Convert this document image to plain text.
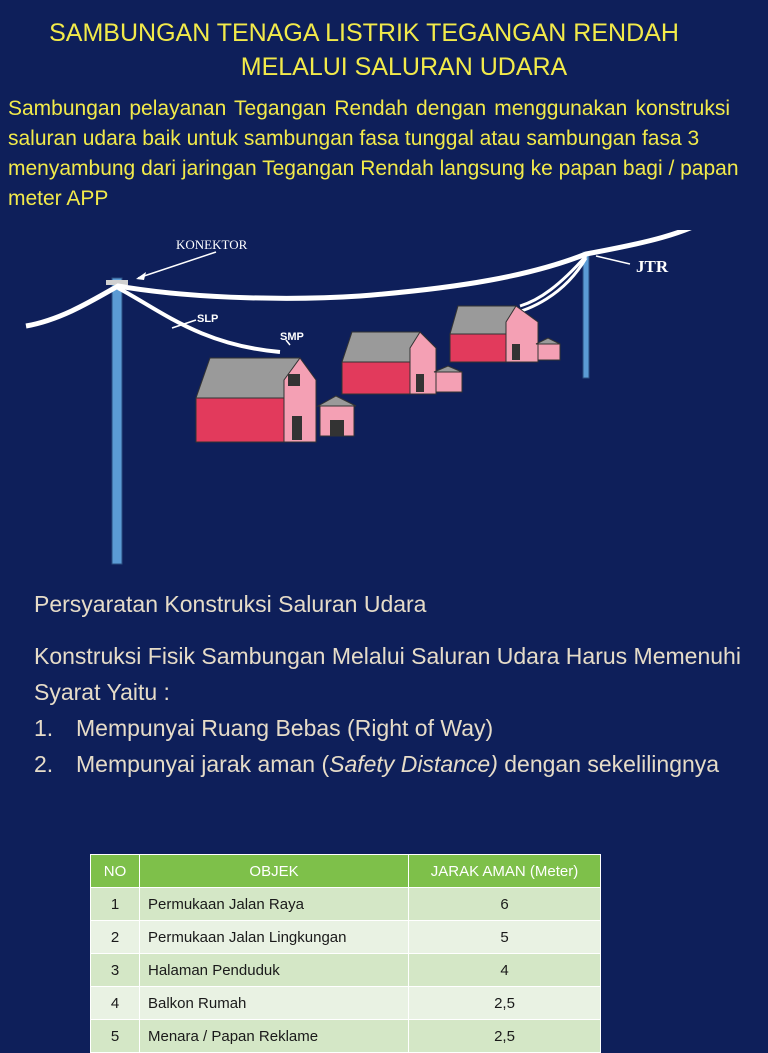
SAMBUNGAN TENAGA LISTRIK TEGANGAN RENDAH
MELALUI SALURAN UDARA
Sambungan pelayanan Tegangan Rendah dengan menggunakan konstruksi saluran udara baik untuk sambungan fasa tunggal atau sambungan fasa 3
menyambung dari jaringan Tegangan Rendah langsung ke papan bagi / papan meter APP
KONEKTOR
SLP
SMP
JTR
Persyaratan Konstruksi Saluran Udara
Konstruksi Fisik Sambungan Melalui Saluran Udara Harus Memenuhi Syarat Yaitu :
1. Mempunyai Ruang Bebas (Right of Way)
2. Mempunyai jarak aman (Safety Distance) dengan sekelilingnya
NO	OBJEK	JARAK AMAN (Meter)
1	Permukaan Jalan Raya	6
2	Permukaan Jalan Lingkungan	5
3	Halaman Penduduk	4
4	Balkon Rumah	2,5
5	Menara / Papan Reklame	2,5
